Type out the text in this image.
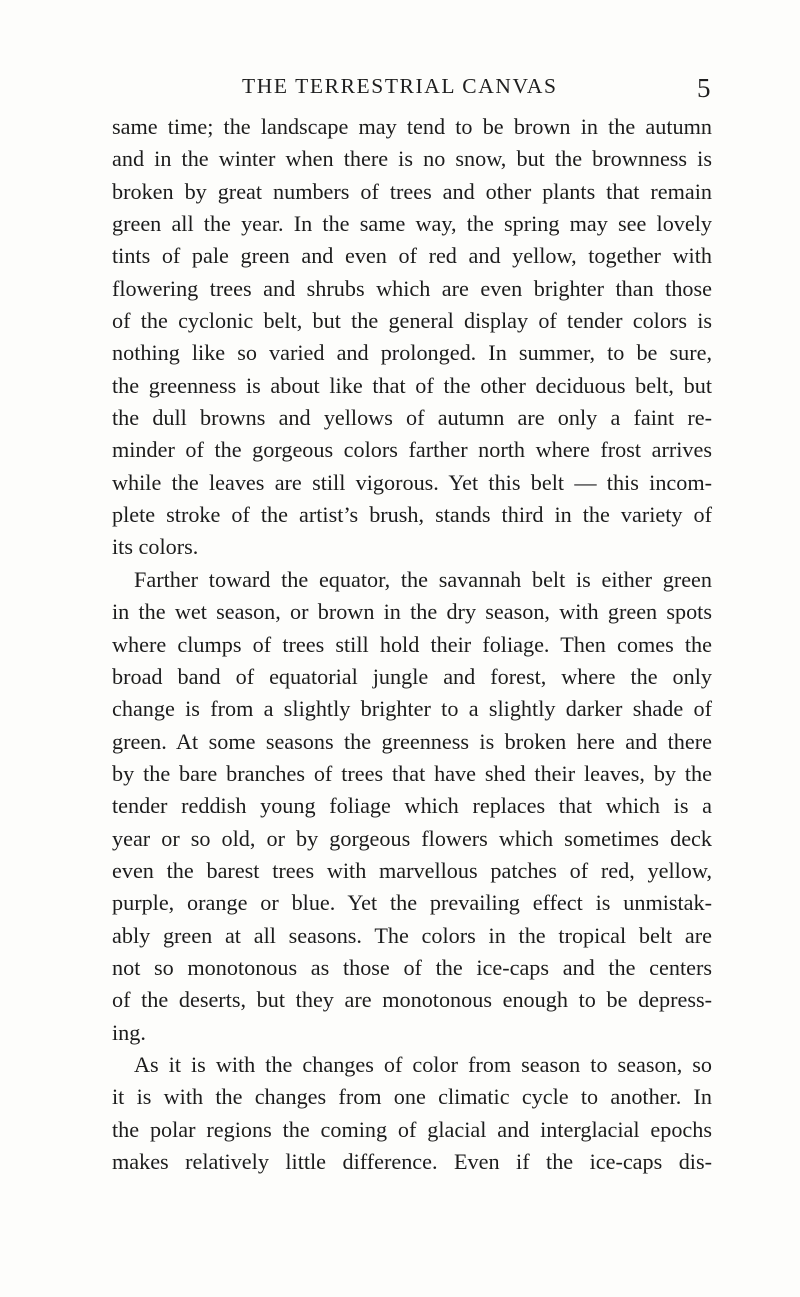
THE TERRESTRIAL CANVAS	5
same time; the landscape may tend to be brown in the autumn
and in the winter when there is no snow, but the brownness is
broken by great numbers of trees and other plants that remain
green all the year. In the same way, the spring may see lovely
tints of pale green and even of red and yellow, together with
flowering trees and shrubs which are even brighter than those
of the cyclonic belt, but the general display of tender colors is
nothing like so varied and prolonged. In summer, to be sure,
the greenness is about like that of the other deciduous belt, but
the dull browns and yellows of autumn are only a faint re-
minder of the gorgeous colors farther north where frost arrives
while the leaves are still vigorous. Yet this belt — this incom-
plete stroke of the artist’s brush, stands third in the variety of
its colors.
Farther toward the equator, the savannah belt is either green
in the wet season, or brown in the dry season, with green spots
where clumps of trees still hold their foliage. Then comes the
broad band of equatorial jungle and forest, where the only
change is from a slightly brighter to a slightly darker shade of
green. At some seasons the greenness is broken here and there
by the bare branches of trees that have shed their leaves, by the
tender reddish young foliage which replaces that which is a
year or so old, or by gorgeous flowers which sometimes deck
even the barest trees with marvellous patches of red, yellow,
purple, orange or blue. Yet the prevailing effect is unmistak-
ably green at all seasons. The colors in the tropical belt are
not so monotonous as those of the ice-caps and the centers
of the deserts, but they are monotonous enough to be depress-
ing.
As it is with the changes of color from season to season, so
it is with the changes from one climatic cycle to another. In
the polar regions the coming of glacial and interglacial epochs
makes relatively little difference. Even if the ice-caps dis-
